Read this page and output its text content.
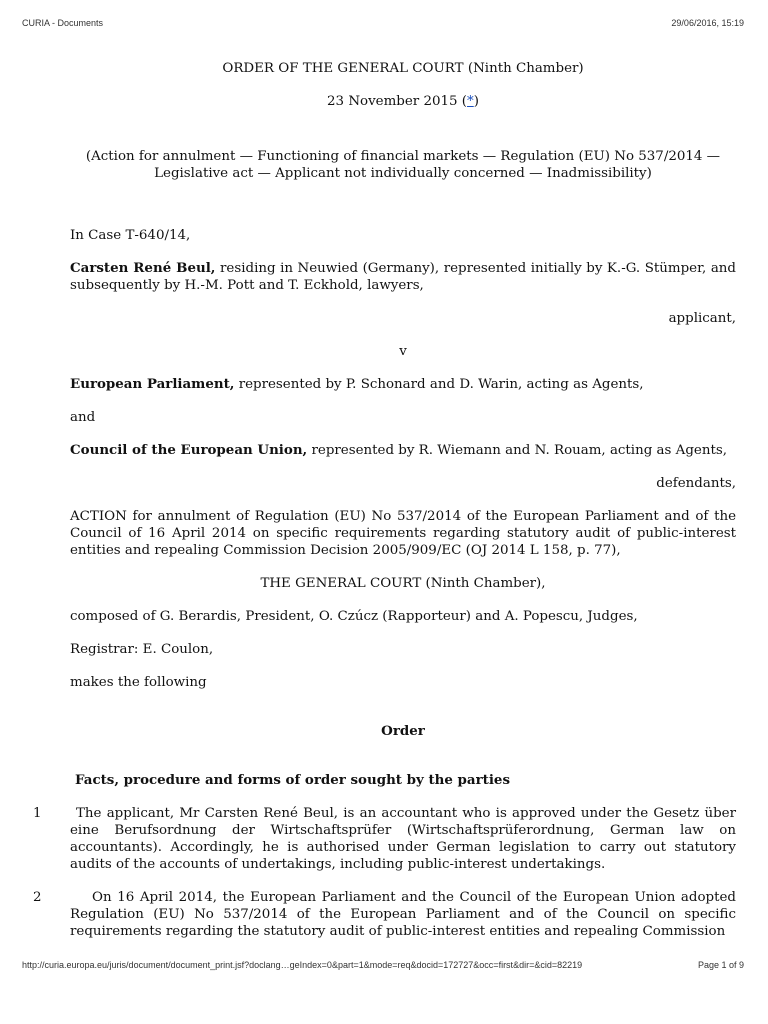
CURIA - Documents	29/06/2016, 15:19

ORDER OF THE GENERAL COURT (Ninth Chamber)

23 November 2015 (*)

(Action for annulment — Functioning of financial markets — Regulation (EU) No 537/2014 —
Legislative act — Applicant not individually concerned — Inadmissibility)

In Case T‑640/14,

Carsten René Beul, residing in Neuwied (Germany), represented initially by K.‑G. Stümper, and subsequently by H.-M. Pott and T. Eckhold, lawyers,

applicant,

v

European Parliament, represented by P. Schonard and D. Warin, acting as Agents,

and

Council of the European Union, represented by R. Wiemann and N. Rouam, acting as Agents,

defendants,

ACTION for annulment of Regulation (EU) No 537/2014 of the European Parliament and of the Council of 16 April 2014 on specific requirements regarding statutory audit of public-interest entities and repealing Commission Decision 2005/909/EC (OJ 2014 L 158, p. 77),

THE GENERAL COURT (Ninth Chamber),

composed of G. Berardis, President, O. Czúcz (Rapporteur) and A. Popescu, Judges,

Registrar: E. Coulon,

makes the following

Order

Facts, procedure and forms of order sought by the parties

1	The applicant, Mr Carsten René Beul, is an accountant who is approved under the Gesetz über eine Berufsordnung der Wirtschaftsprüfer (Wirtschaftsprüferordnung, German law on accountants). Accordingly, he is authorised under German legislation to carry out statutory audits of the accounts of undertakings, including public-interest undertakings.

2	On 16 April 2014, the European Parliament and the Council of the European Union adopted Regulation (EU) No 537/2014 of the European Parliament and of the Council on specific requirements regarding the statutory audit of public-interest entities and repealing Commission

http://curia.europa.eu/juris/document/document_print.jsf?doclang…geIndex=0&part=1&mode=req&docid=172727&occ=first&dir=&cid=82219	Page 1 of 9
